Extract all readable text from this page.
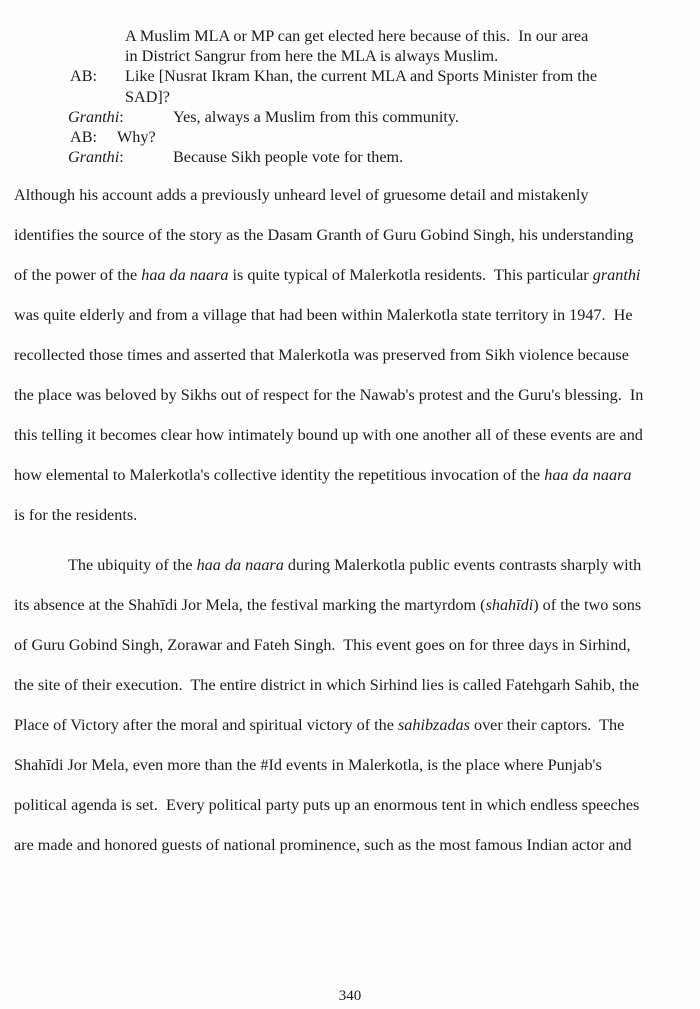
340
A Muslim MLA or MP can get elected here because of this.  In our area
in District Sangrur from here the MLA is always Muslim.
AB: Like [Nusrat Ikram Khan, the current MLA and Sports Minister from the
SAD]?
Granthi:	Yes, always a Muslim from this community.
AB: Why?
Granthi:	Because Sikh people vote for them.
Although his account adds a previously unheard level of gruesome detail and mistakenly
identifies the source of the story as the Dasam Granth of Guru Gobind Singh, his understanding
of the power of the haa da naara is quite typical of Malerkotla residents.  This particular granthi
was quite elderly and from a village that had been within Malerkotla state territory in 1947.  He
recollected those times and asserted that Malerkotla was preserved from Sikh violence because
the place was beloved by Sikhs out of respect for the Nawab's protest and the Guru's blessing.  In
this telling it becomes clear how intimately bound up with one another all of these events are and
how elemental to Malerkotla's collective identity the repetitious invocation of the haa da naara
is for the residents.
The ubiquity of the haa da naara during Malerkotla public events contrasts sharply with
its absence at the Shahīdi Jor Mela, the festival marking the martyrdom (shahīdi) of the two sons
of Guru Gobind Singh, Zorawar and Fateh Singh.  This event goes on for three days in Sirhind,
the site of their execution.  The entire district in which Sirhind lies is called Fatehgarh Sahib, the
Place of Victory after the moral and spiritual victory of the sahibzadas over their captors.  The
Shahīdi Jor Mela, even more than the #Id events in Malerkotla, is the place where Punjab's
political agenda is set.  Every political party puts up an enormous tent in which endless speeches
are made and honored guests of national prominence, such as the most famous Indian actor and
